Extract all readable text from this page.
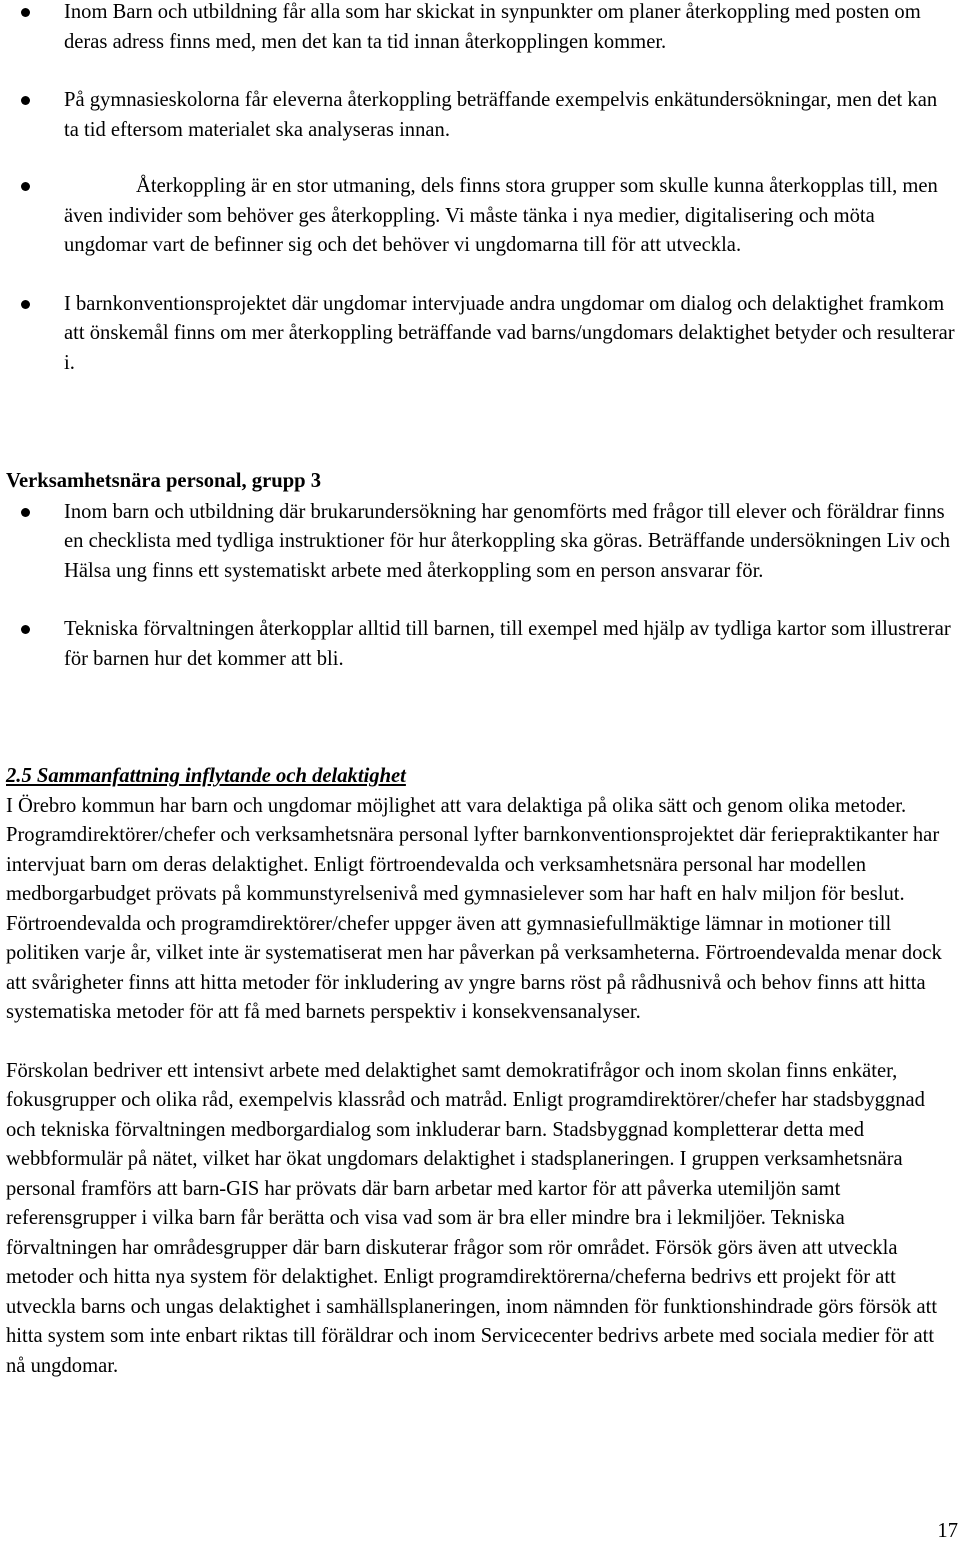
Inom Barn och utbildning får alla som har skickat in synpunkter om planer återkoppling med posten om deras adress finns med, men det kan ta tid innan återkopplingen kommer.
På gymnasieskolorna får eleverna återkoppling beträffande exempelvis enkätundersökningar, men det kan ta tid eftersom materialet ska analyseras innan.
Återkoppling är en stor utmaning, dels finns stora grupper som skulle kunna återkopplas till, men även individer som behöver ges återkoppling. Vi måste tänka i nya medier, digitalisering och möta ungdomar vart de befinner sig och det behöver vi ungdomarna till för att utveckla.
I barnkonventionsprojektet där ungdomar intervjuade andra ungdomar om dialog och delaktighet framkom att önskemål finns om mer återkoppling beträffande vad barns/ungdomars delaktighet betyder och resulterar i.
Verksamhetsnära personal, grupp 3
Inom barn och utbildning där brukarundersökning har genomförts med frågor till elever och föräldrar finns en checklista med tydliga instruktioner för hur återkoppling ska göras. Beträffande undersökningen Liv och Hälsa ung finns ett systematiskt arbete med återkoppling som en person ansvarar för.
Tekniska förvaltningen återkopplar alltid till barnen, till exempel med hjälp av tydliga kartor som illustrerar för barnen hur det kommer att bli.
2.5 Sammanfattning inflytande och delaktighet

I Örebro kommun har barn och ungdomar möjlighet att vara delaktiga på olika sätt och genom olika metoder. Programdirektörer/chefer och verksamhetsnära personal lyfter barnkonventionsprojektet där feriepraktikanter har intervjuat barn om deras delaktighet. Enligt förtroendevalda och verksamhetsnära personal har modellen medborgarbudget prövats på kommunstyrelsenivå med gymnasielever som har haft en halv miljon för beslut. Förtroendevalda och programdirektörer/chefer uppger även att gymnasiefullmäktige lämnar in motioner till politiken varje år, vilket inte är systematiserat men har påverkan på verksamheterna. Förtroendevalda menar dock att svårigheter finns att hitta metoder för inkludering av yngre barns röst på rådhusnivå och behov finns att hitta systematiska metoder för att få med barnets perspektiv i konsekvensanalyser.

Förskolan bedriver ett intensivt arbete med delaktighet samt demokratifrågor och inom skolan finns enkäter, fokusgrupper och olika råd, exempelvis klassråd och matråd. Enligt programdirektörer/chefer har stadsbyggnad och tekniska förvaltningen medborgardialog som inkluderar barn. Stadsbyggnad kompletterar detta med webbformulär på nätet, vilket har ökat ungdomars delaktighet i stadsplaneringen. I gruppen verksamhetsnära personal framförs att barn-GIS har prövats där barn arbetar med kartor för att påverka utemiljön samt referensgrupper i vilka barn får berätta och visa vad som är bra eller mindre bra i lekmiljöer. Tekniska förvaltningen har områdesgrupper där barn diskuterar frågor som rör området. Försök görs även att utveckla metoder och hitta nya system för delaktighet. Enligt programdirektörerna/cheferna bedrivs ett projekt för att utveckla barns och ungas delaktighet i samhällsplaneringen, inom nämnden för funktionshindrade görs försök att hitta system som inte enbart riktas till föräldrar och inom Servicecenter bedrivs arbete med sociala medier för att nå ungdomar.

17
